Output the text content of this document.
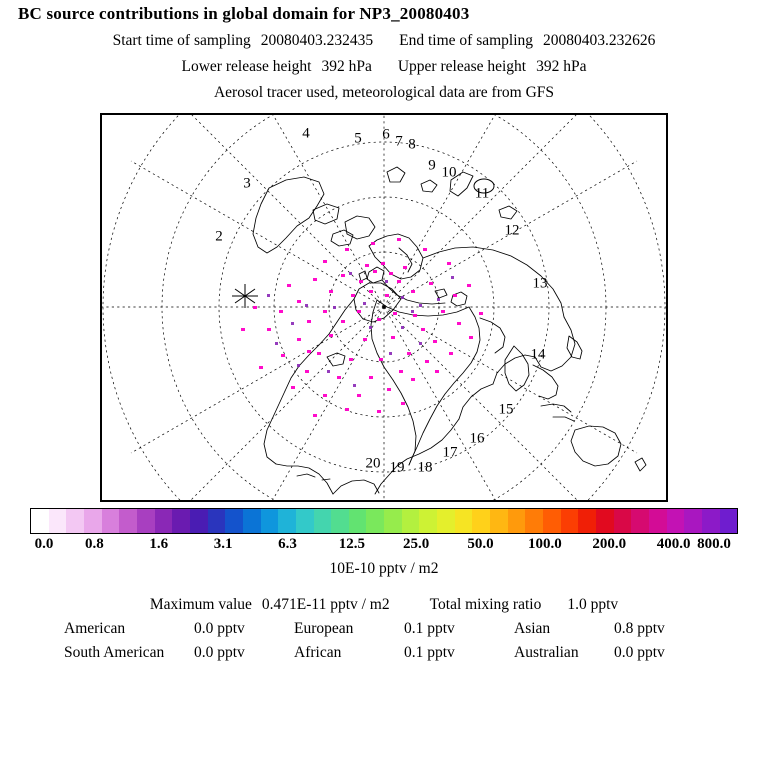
BC source contributions in global domain for NP3_20080403
Start time of sampling 20080403.232435 End time of sampling 20080403.232626
Lower release height 392 hPa Upper release height 392 hPa
Aerosol tracer used, meteorological data are from GFS
2
3
4	5 6 7 8
9 10
11
12
13
14
15
16
17
18
19
20
0.0 0.8	1.6	3.1	6.3	12.5	25.0	50.0 100.0 200.0 400.0 800.0
10E-10 pptv / m2
Maximum value 0.471E-11 pptv / m2	Total mixing ratio 1.0 pptv
American	0.0 pptv	European	0.1 pptv	Asian	0.8 pptv
South American 0.0 pptv	African	0.1 pptv	Australian 0.0 pptv
